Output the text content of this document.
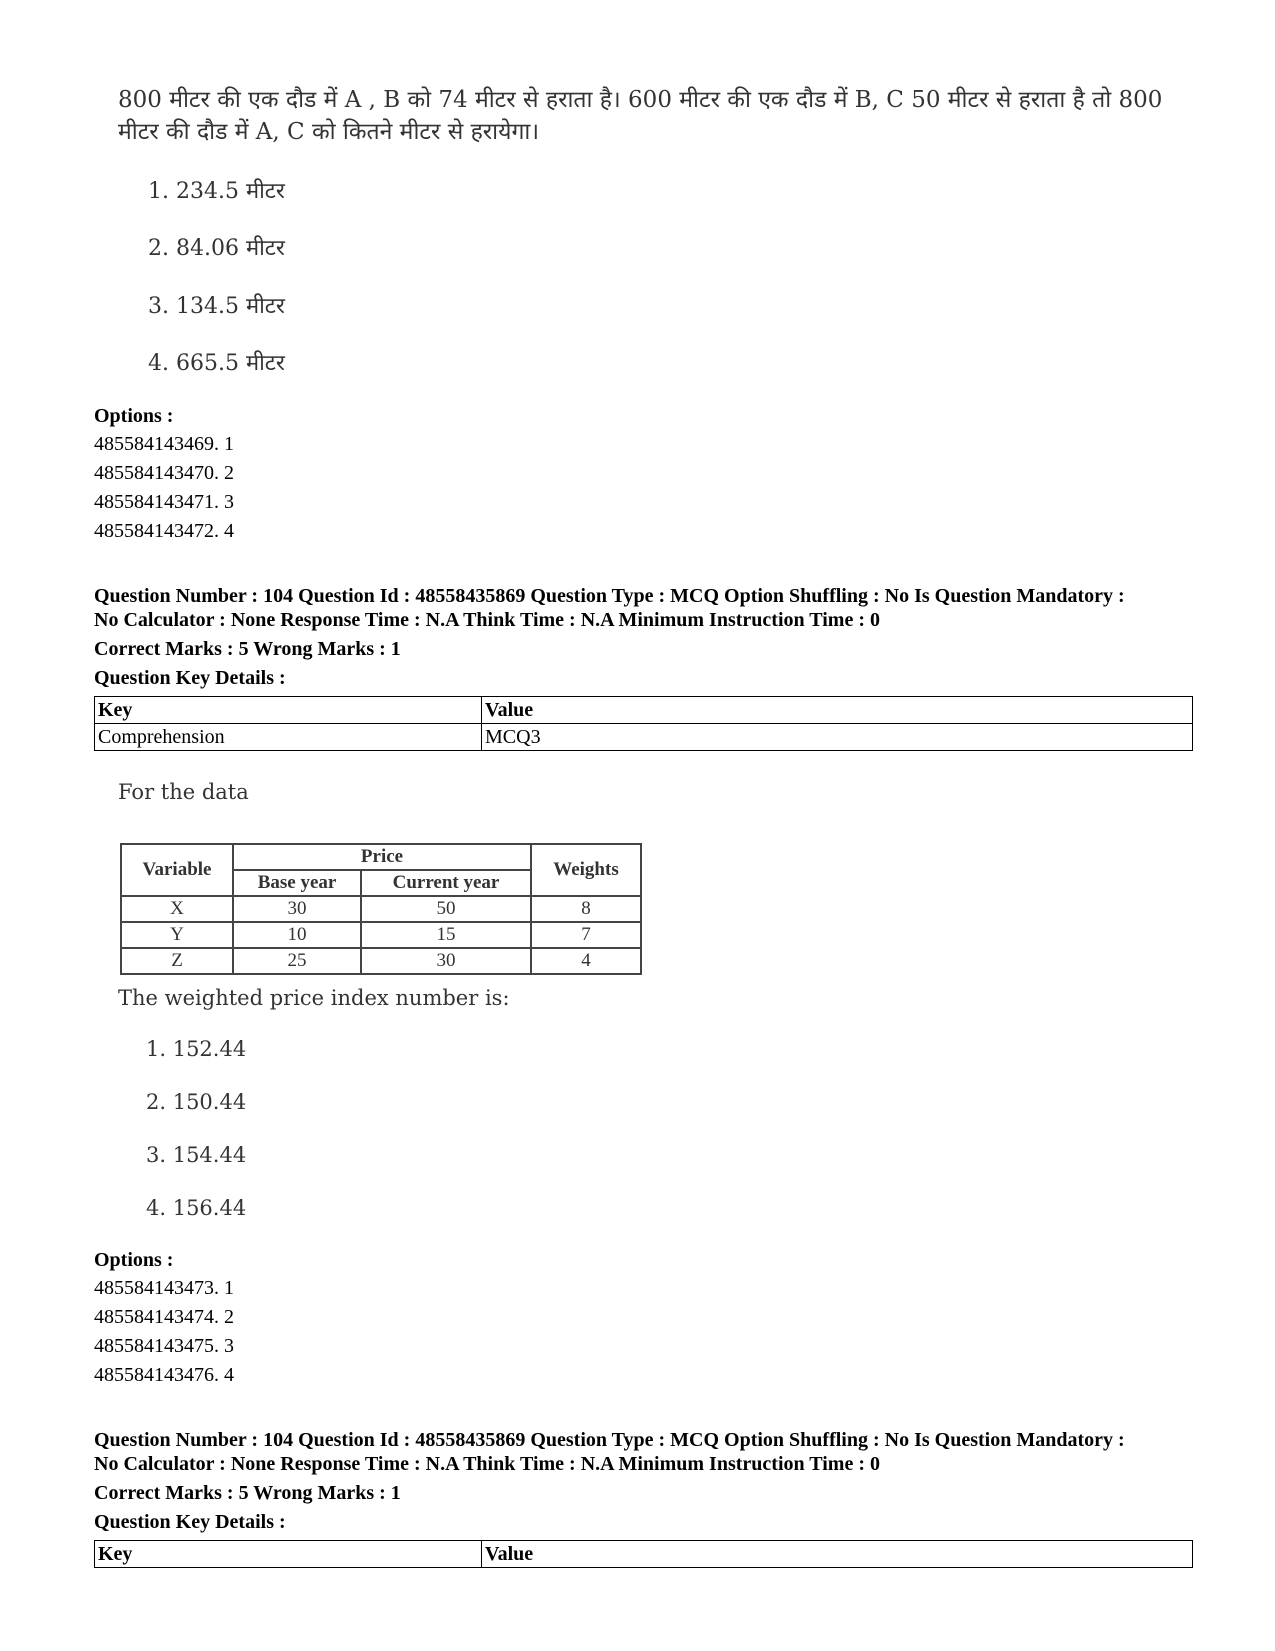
800 मीटर की एक दौड में A , B को 74 मीटर से हराता है। 600 मीटर की एक दौड में B, C 50 मीटर से हराता है तो 800 मीटर की दौड में A, C को कितने मीटर से हरायेगा।
1. 234.5 मीटर
2. 84.06 मीटर
3. 134.5 मीटर
4. 665.5 मीटर
Options :
485584143469. 1
485584143470. 2
485584143471. 3
485584143472. 4
Question Number : 104 Question Id : 48558435869 Question Type : MCQ Option Shuffling : No Is Question Mandatory :
No Calculator : None Response Time : N.A Think Time : N.A Minimum Instruction Time : 0
Correct Marks : 5 Wrong Marks : 1
Question Key Details :
Key	Value
Comprehension	MCQ3
For the data
Variable	Price		Weights
	Base year	Current year	
X	30	50	8
Y	10	15	7
Z	25	30	4
The weighted price index number is:
1. 152.44
2. 150.44
3. 154.44
4. 156.44
Options :
485584143473. 1
485584143474. 2
485584143475. 3
485584143476. 4
Question Number : 104 Question Id : 48558435869 Question Type : MCQ Option Shuffling : No Is Question Mandatory :
No Calculator : None Response Time : N.A Think Time : N.A Minimum Instruction Time : 0
Correct Marks : 5 Wrong Marks : 1
Question Key Details :
Key	Value
